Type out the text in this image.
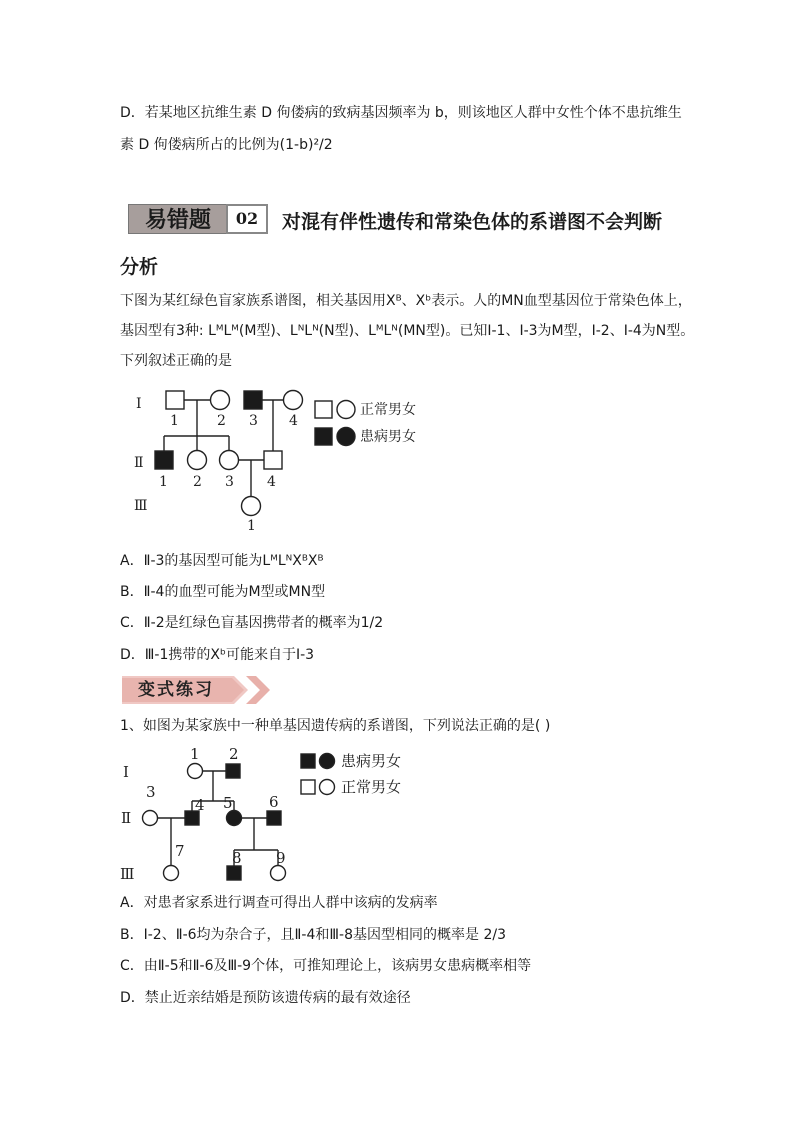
D．若某地区抗维生素 D 佝偻病的致病基因频率为 b，则该地区人群中女性个体不患抗维生
素 D 佝偻病所占的比例为(1-b)²/2
易错题	02	对混有伴性遗传和常染色体的系谱图不会判断
分析
下图为某红绿色盲家族系谱图，相关基因用Xᴮ、Xᵇ表示。人的MN血型基因位于常染色体上，
基因型有3种: LᴹLᴹ(M型)、LᴺLᴺ(N型)、LᴹLᴺ(MN型)。已知I-1、I-3为M型，I-2、I-4为N型。
下列叙述正确的是
I
Ⅱ
Ⅲ
1	2 3 4
1 2 3 4
1
正常男女
患病男女
A．Ⅱ-3的基因型可能为LᴹLᴺXᴮXᴮ
B．Ⅱ-4的血型可能为M型或MN型
C．Ⅱ-2是红绿色盲基因携带者的概率为1/2
D．Ⅲ-1携带的Xᵇ可能来自于I-3
变式练习
1、如图为某家族中一种单基因遗传病的系谱图，下列说法正确的是( )
I
Ⅱ
Ⅲ
1 2
3
4 5 6
7	8 9
患病男女
正常男女
A．对患者家系进行调查可得出人群中该病的发病率
B．I-2、Ⅱ-6均为杂合子，且Ⅱ-4和Ⅲ-8基因型相同的概率是 2/3
C．由Ⅱ-5和Ⅱ-6及Ⅲ-9个体，可推知理论上，该病男女患病概率相等
D．禁止近亲结婚是预防该遗传病的最有效途径
